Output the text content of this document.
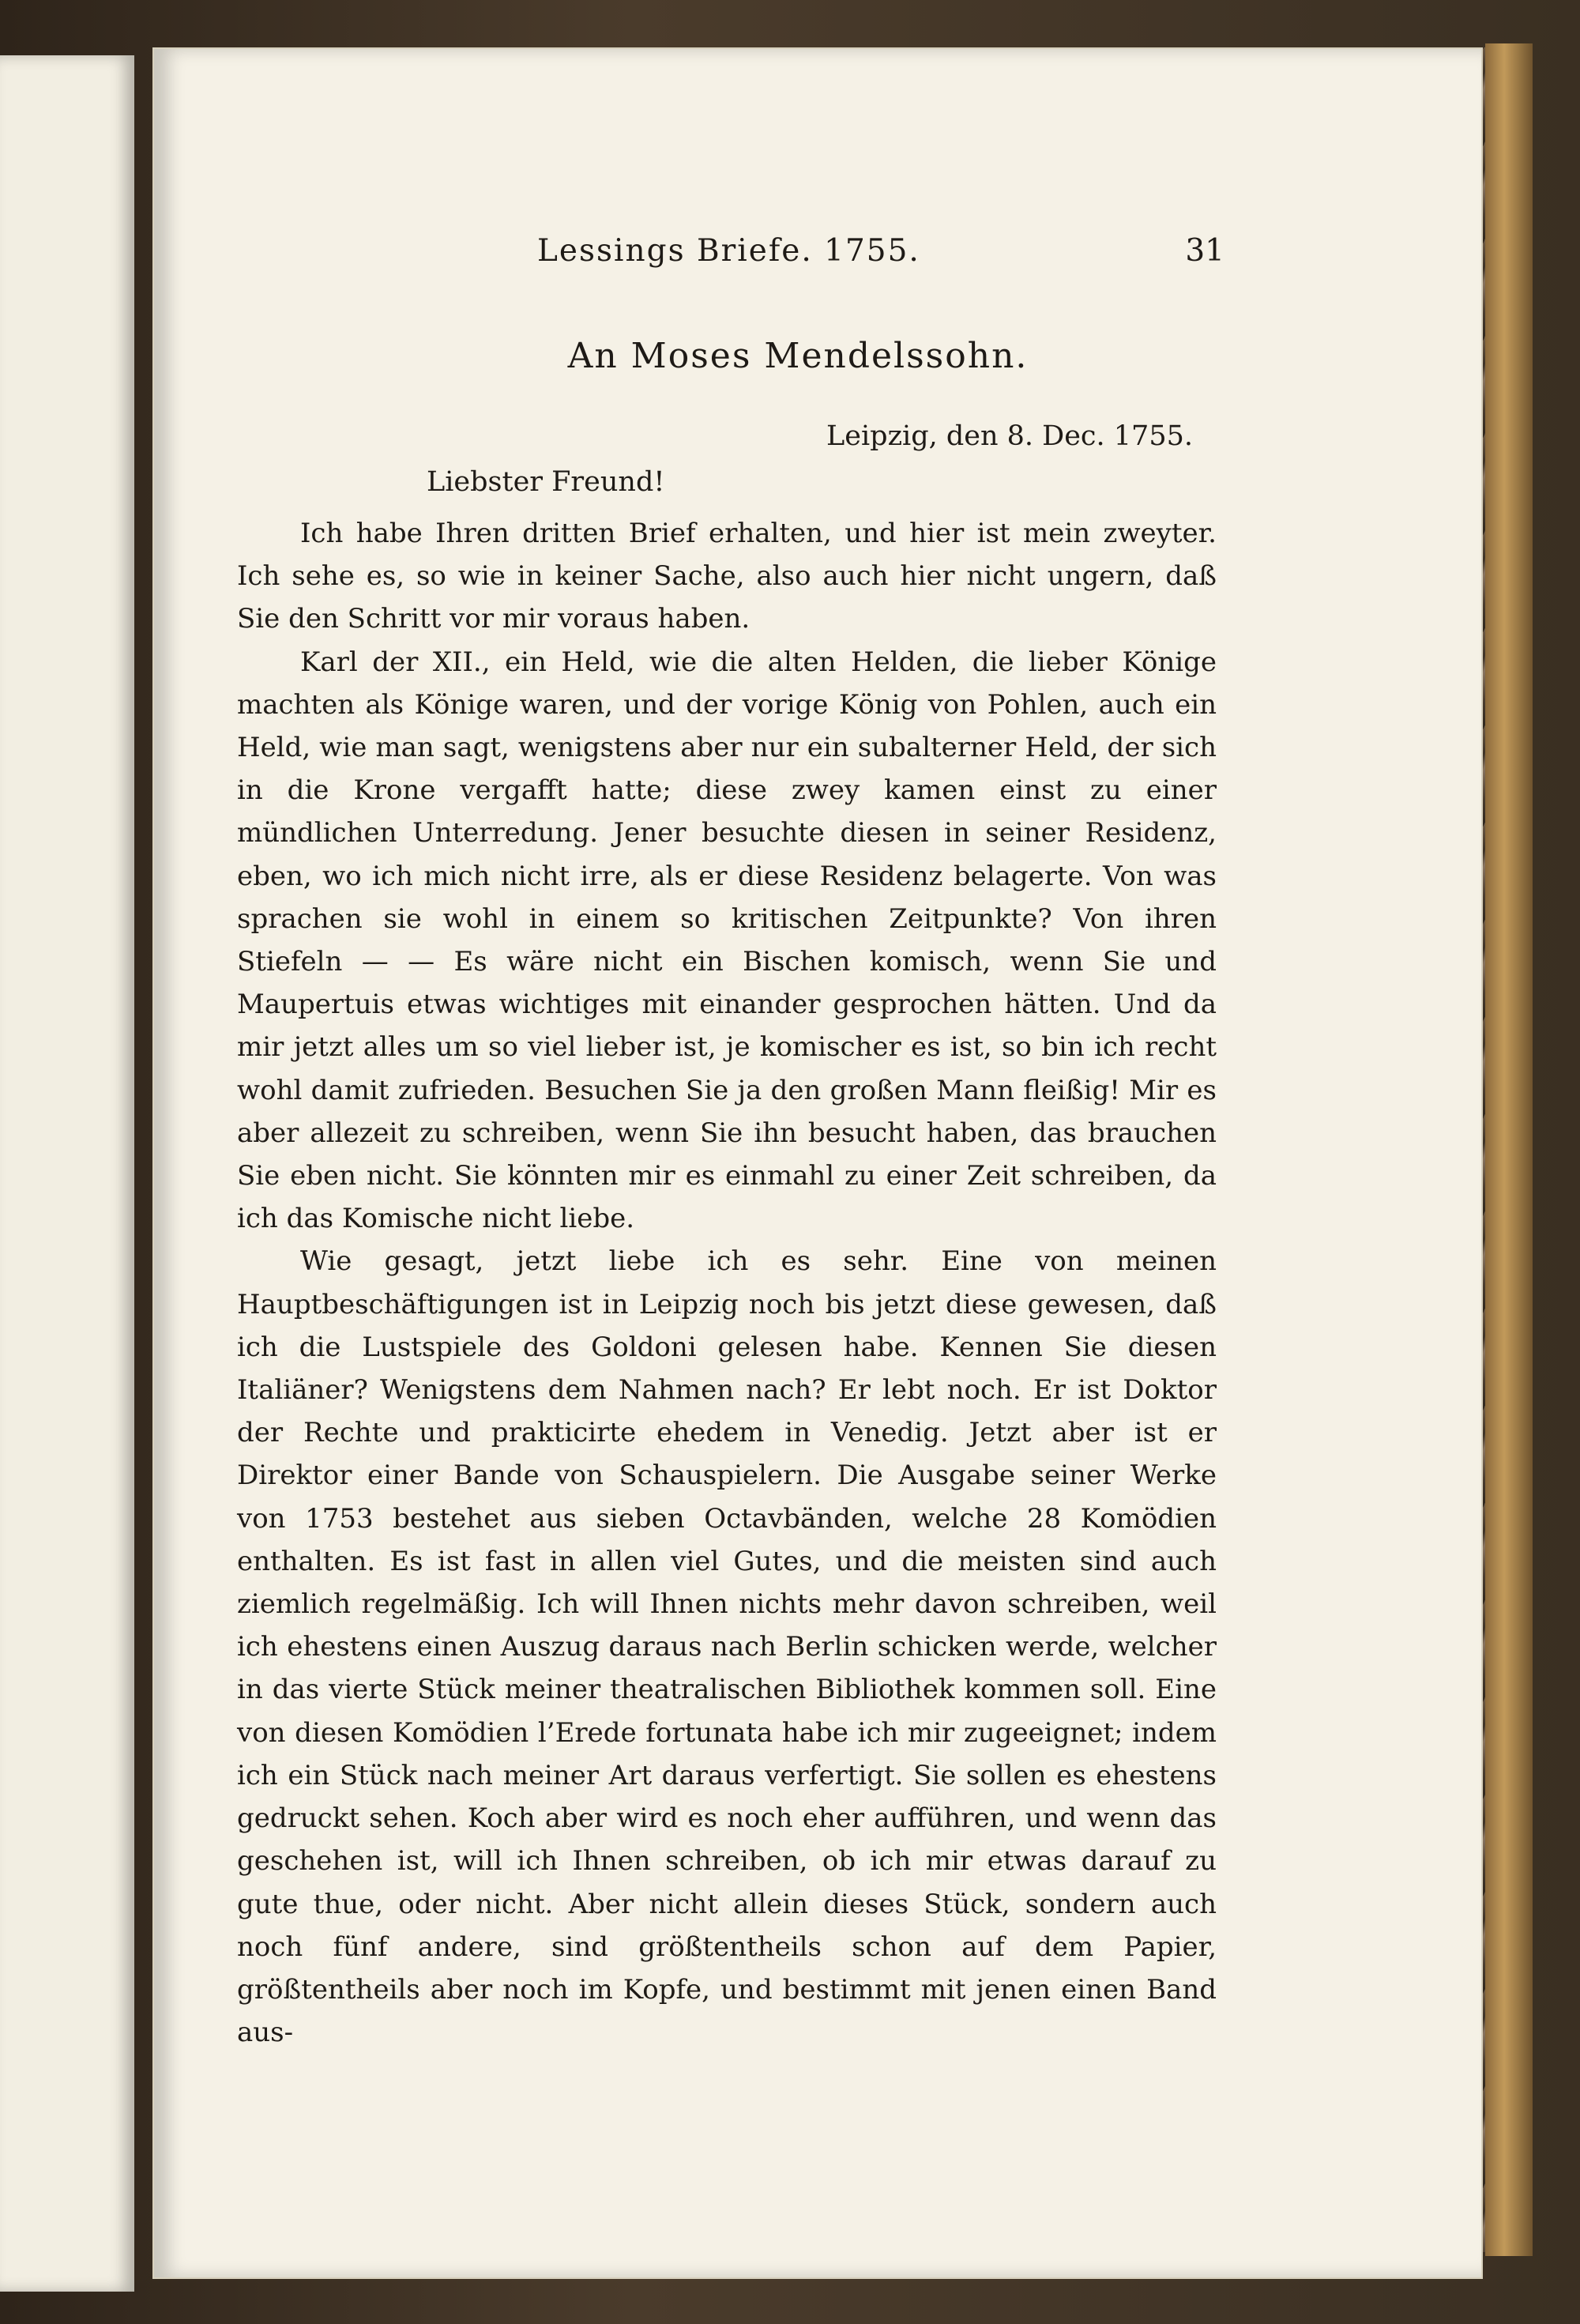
Lessings Briefe. 1755.	31
An Moses Mendelssohn.
Leipzig, den 8. Dec. 1755.
Liebster Freund!

Ich habe Ihren dritten Brief erhalten, und hier ist mein zweyter. Ich sehe es, so wie in keiner Sache, also auch hier nicht ungern, daß Sie den Schritt vor mir voraus haben.

Karl der XII., ein Held, wie die alten Helden, die lieber Könige machten als Könige waren, und der vorige König von Pohlen, auch ein Held, wie man sagt, wenigstens aber nur ein subalterner Held, der sich in die Krone vergafft hatte; diese zwey kamen einst zu einer mündlichen Unterredung. Jener besuchte diesen in seiner Residenz, eben, wo ich mich nicht irre, als er diese Residenz belagerte. Von was sprachen sie wohl in einem so kritischen Zeitpunkte? Von ihren Stiefeln — — Es wäre nicht ein Bischen komisch, wenn Sie und Maupertuis etwas wichtiges mit einander gesprochen hätten. Und da mir jetzt alles um so viel lieber ist, je komischer es ist, so bin ich recht wohl damit zufrieden. Besuchen Sie ja den großen Mann fleißig! Mir es aber allezeit zu schreiben, wenn Sie ihn besucht haben, das brauchen Sie eben nicht. Sie könnten mir es einmahl zu einer Zeit schreiben, da ich das Komische nicht liebe.

Wie gesagt, jetzt liebe ich es sehr. Eine von meinen Hauptbeschäftigungen ist in Leipzig noch bis jetzt diese gewesen, daß ich die Lustspiele des Goldoni gelesen habe. Kennen Sie diesen Italiäner? Wenigstens dem Nahmen nach? Er lebt noch. Er ist Doktor der Rechte und prakticirte ehedem in Venedig. Jetzt aber ist er Direktor einer Bande von Schauspielern. Die Ausgabe seiner Werke von 1753 bestehet aus sieben Octavbänden, welche 28 Komödien enthalten. Es ist fast in allen viel Gutes, und die meisten sind auch ziemlich regelmäßig. Ich will Ihnen nichts mehr davon schreiben, weil ich ehestens einen Auszug daraus nach Berlin schicken werde, welcher in das vierte Stück meiner theatralischen Bibliothek kommen soll. Eine von diesen Komödien l’Erede fortunata habe ich mir zugeeignet; indem ich ein Stück nach meiner Art daraus verfertigt. Sie sollen es ehestens gedruckt sehen. Koch aber wird es noch eher aufführen, und wenn das geschehen ist, will ich Ihnen schreiben, ob ich mir etwas darauf zu gute thue, oder nicht. Aber nicht allein dieses Stück, sondern auch noch fünf andere, sind größtentheils schon auf dem Papier, größtentheils aber noch im Kopfe, und bestimmt mit jenen einen Band aus-
